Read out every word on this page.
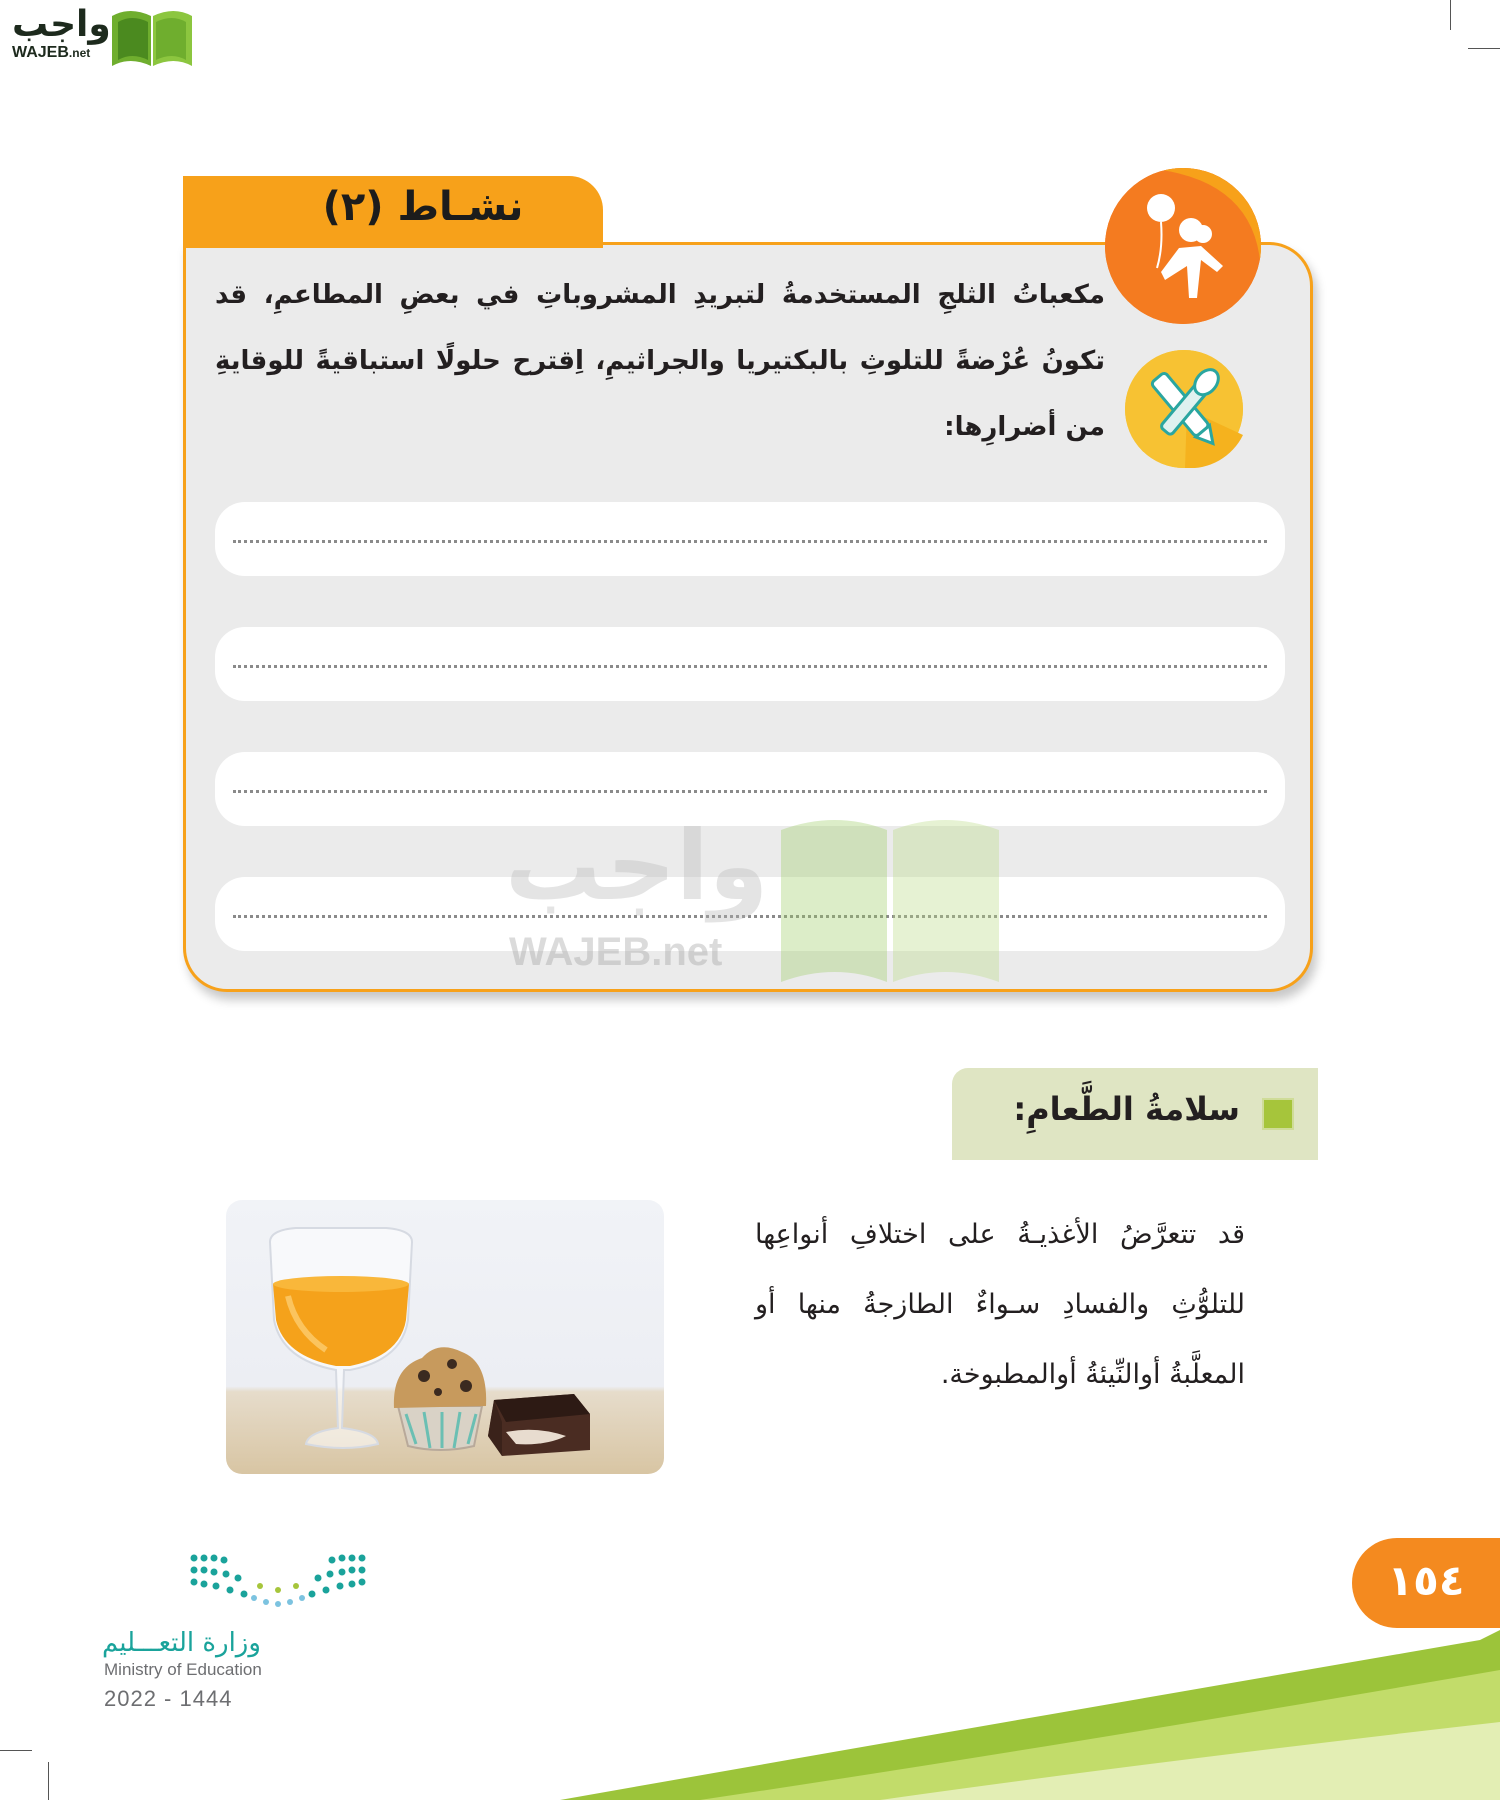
واجب
WAJEB.net
نشـاط (٢)
مكعباتُ الثلجِ المستخدمةُ لتبريدِ المشروباتِ في بعضِ المطاعمِ، قد تكونُ عُرْضةً للتلوثِ بالبكتيريا والجراثيمِ، اِقترح حلولًا استباقيةً للوقايةِ من أضرارِها:
واجب
WAJEB.net
سلامةُ الطَّعامِ:
قد تتعرَّضُ الأغذيـةُ على اختلافِ أنواعِها للتلوُّثِ والفسادِ سـواءٌ الطازجةُ منها أو المعلَّبةُ أوالنِّيئةُ أوالمطبوخة.
١٥٤
وزارة التعـــليم
Ministry of Education
2022 - 1444
